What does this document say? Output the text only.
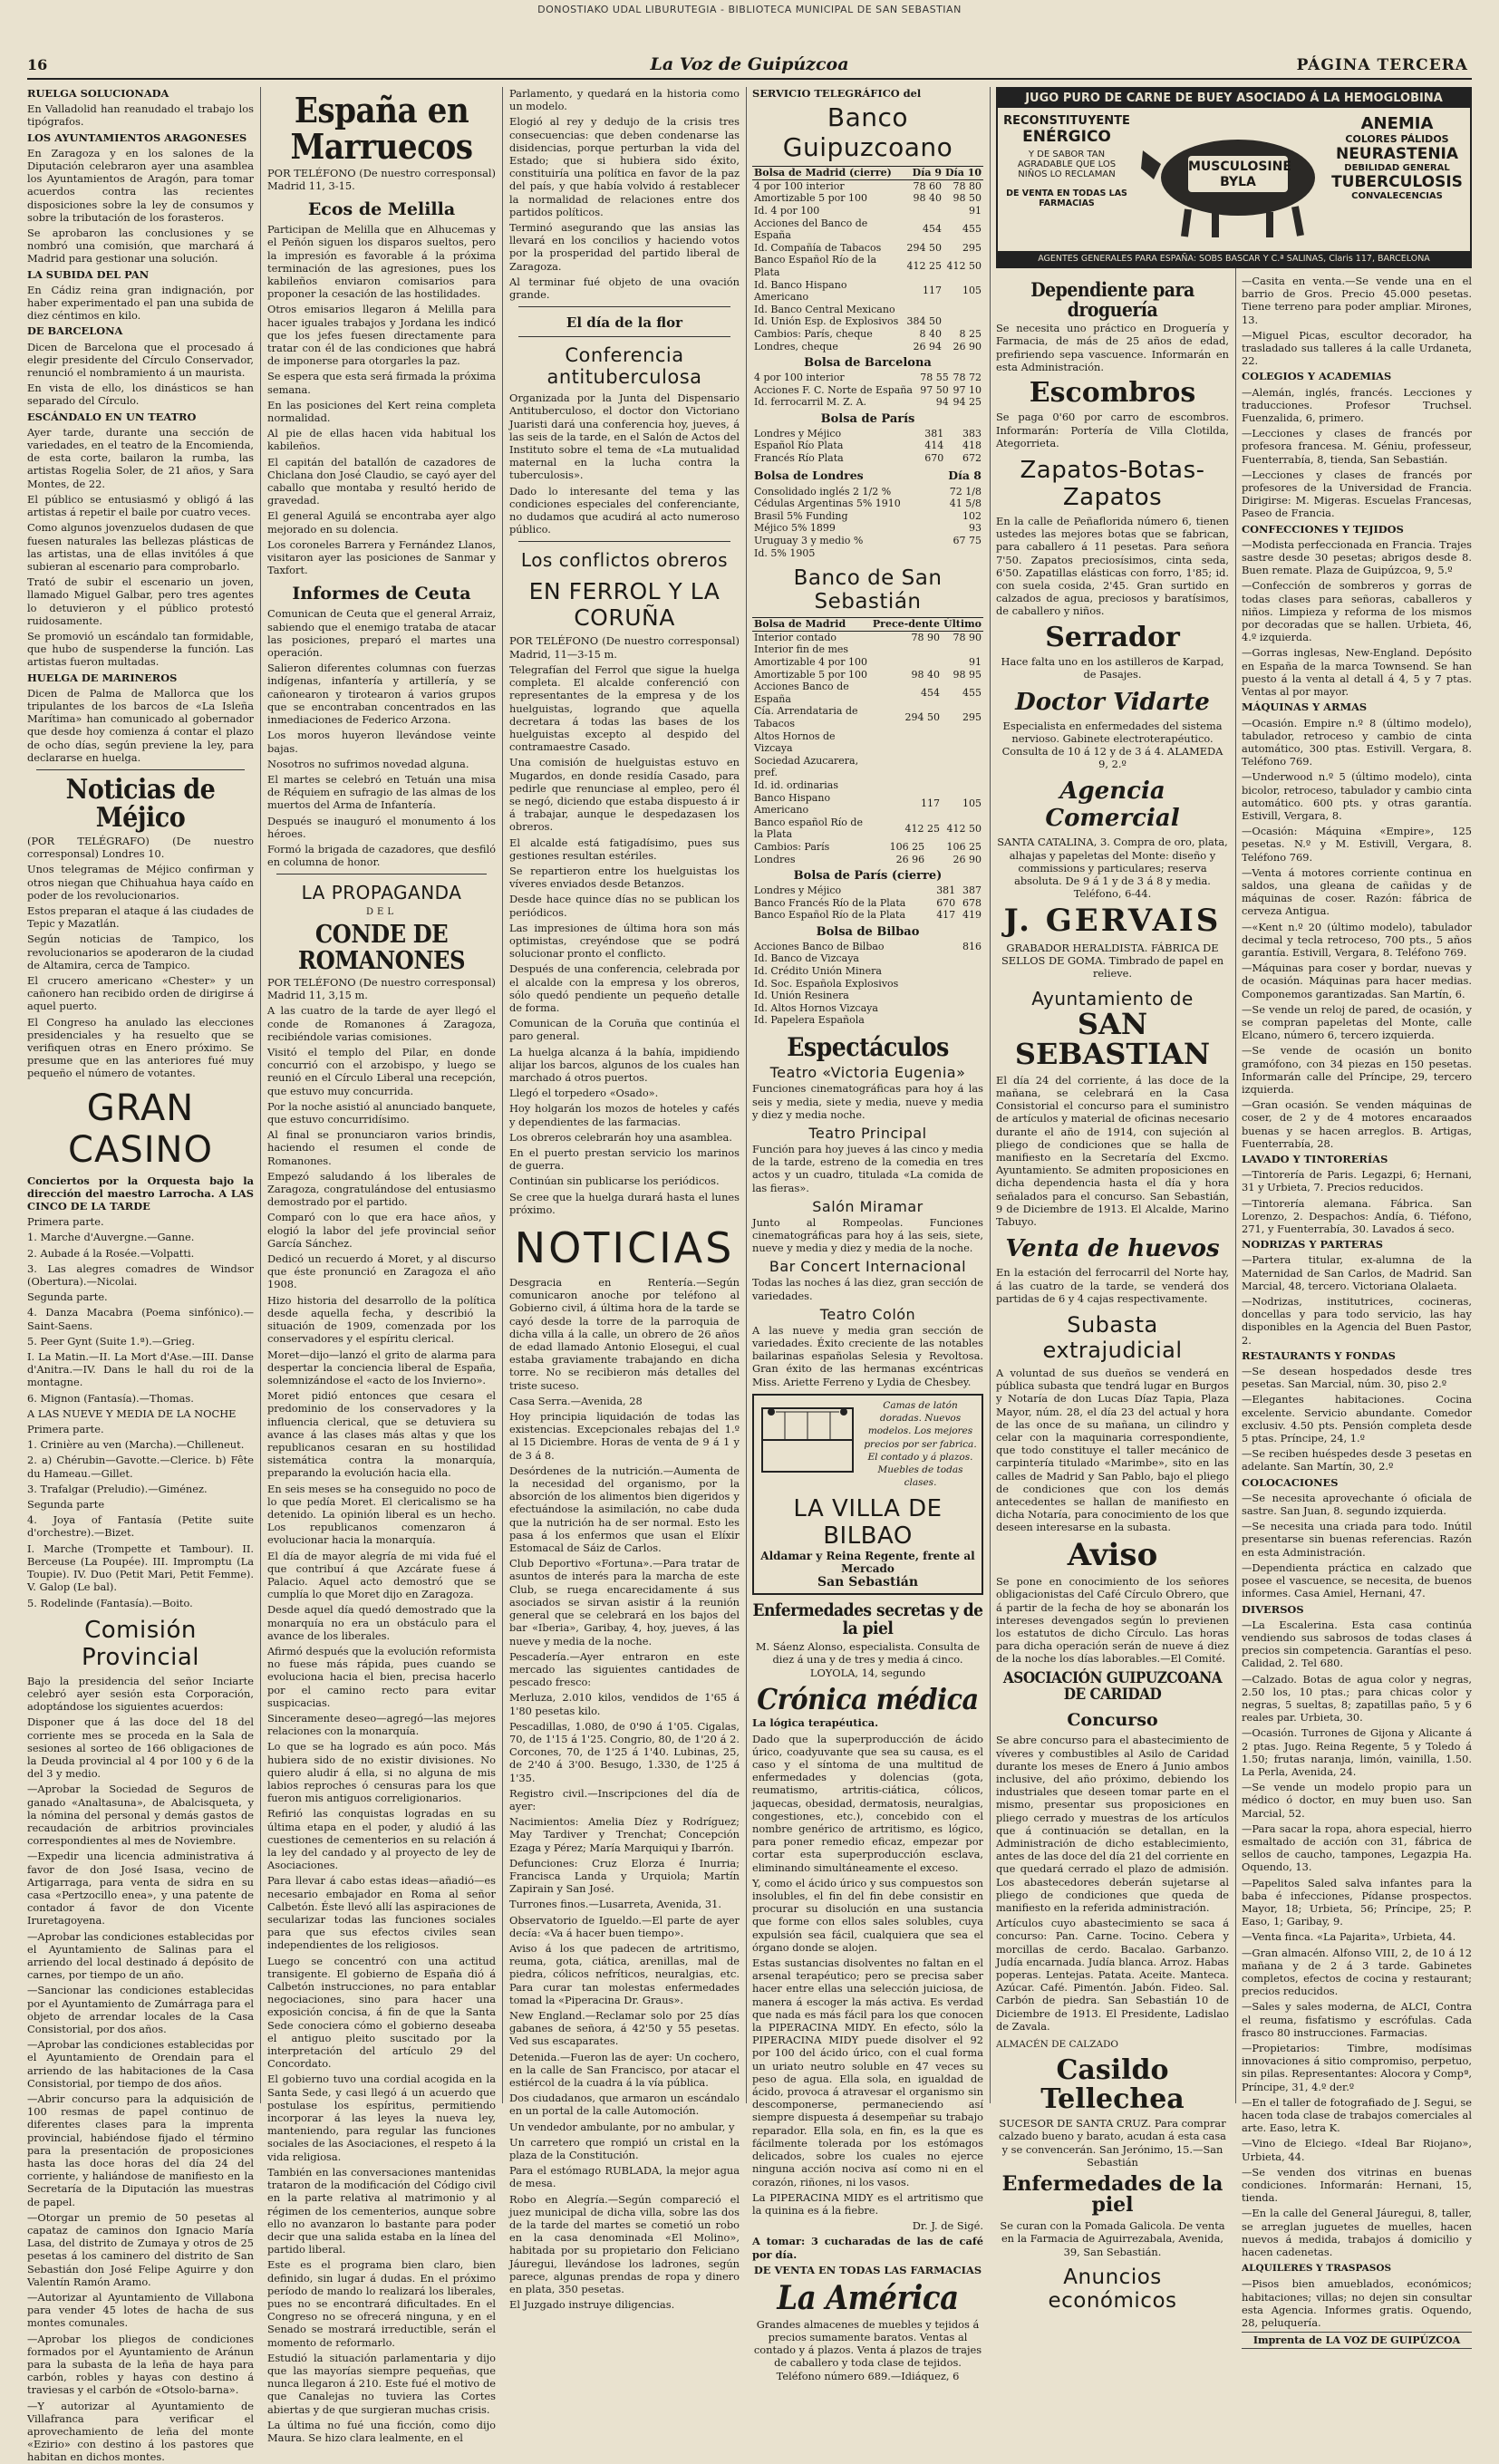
DONOSTIAKO UDAL LIBURUTEGIA - BIBLIOTECA MUNICIPAL DE SAN SEBASTIAN
16	La Voz de Guipúzcoa	PÁGINA TERCERA

RUELGA SOLUCIONADA

En Valladolid han reanudado el trabajo los tipógrafos.

LOS AYUNTAMIENTOS ARAGONESES

En Zaragoza y en los salones de la Diputación celebraron ayer una asamblea los Ayuntamientos de Aragón, para tomar acuerdos contra las recientes disposiciones sobre la ley de consumos y sobre la tributación de los forasteros.

Se aprobaron las conclusiones y se nombró una comisión, que marchará á Madrid para gestionar una solución.

LA SUBIDA DEL PAN

En Cádiz reina gran indignación, por haber experimentado el pan una subida de diez céntimos en kilo.

DE BARCELONA

Dicen de Barcelona que el procesado á elegir presidente del Círculo Conservador, renunció el nombramiento á un maurista.

En vista de ello, los dinásticos se han separado del Círculo.

ESCÁNDALO EN UN TEATRO

Ayer tarde, durante una sección de variedades, en el teatro de la Encomienda, de esta corte, bailaron la rumba, las artistas Rogelia Soler, de 21 años, y Sara Montes, de 22.

El público se entusiasmó y obligó á las artistas á repetir el baile por cuatro veces.

Como algunos jovenzuelos dudasen de que fuesen naturales las bellezas plásticas de las artistas, una de ellas invitóles á que subieran al escenario para comprobarlo.

Trató de subir el escenario un joven, llamado Miguel Galbar, pero tres agentes lo detuvieron y el público protestó ruidosamente.

Se promovió un escándalo tan formidable, que hubo de suspenderse la función. Las artistas fueron multadas.

HUELGA DE MARINEROS

Dicen de Palma de Mallorca que los tripulantes de los barcos de «La Isleña Marítima» han comunicado al gobernador que desde hoy comienza á contar el plazo de ocho días, según previene la ley, para declararse en huelga.

Noticias de Méjico

(POR TELÉGRAFO) (De nuestro corresponsal) Londres 10.

Unos telegramas de Méjico confirman y otros niegan que Chihuahua haya caído en poder de los revolucionarios.

Estos preparan el ataque á las ciudades de Tepic y Mazatlán.

Según noticias de Tampico, los revolucionarios se apoderaron de la ciudad de Altamira, cerca de Tampico.

El crucero americano «Chester» y un cañonero han recibido orden de dirigirse á aquel puerto.

El Congreso ha anulado las elecciones presidenciales y ha resuelto que se verifiquen otras en Enero próximo. Se presume que en las anteriores fué muy pequeño el número de votantes.

GRAN CASINO

Conciertos por la Orquesta bajo la dirección del maestro Larrocha. A LAS CINCO DE LA TARDE

Primera parte.

1. Marche d'Auvergne.—Ganne.

2. Aubade á la Rosée.—Volpatti.

3. Las alegres comadres de Windsor (Obertura).—Nicolai.

Segunda parte.

4. Danza Macabra (Poema sinfónico).—Saint-Saens.

5. Peer Gynt (Suite 1.ª).—Grieg.

I. La Matin.—II. La Mort d'Ase.—III. Danse d'Anitra.—IV. Dans le hall du roi de la montagne.

6. Mignon (Fantasía).—Thomas.

A LAS NUEVE Y MEDIA DE LA NOCHE

Primera parte.

1. Crinière au ven (Marcha).—Chilleneut.

2. a) Chérubin—Gavotte.—Clerice. b) Fête du Hameau.—Gillet.

3. Trafalgar (Preludio).—Giménez.

Segunda parte

4. Joya of Fantasía (Petite suite d'orchestre).—Bizet.

I. Marche (Trompette et Tambour). II. Berceuse (La Poupée). III. Impromptu (La Toupie). IV. Duo (Petit Mari, Petit Femme). V. Galop (Le bal).

5. Rodelinde (Fantasía).—Boito.

Comisión Provincial

Bajo la presidencia del señor Inciarte celebró ayer sesión esta Corporación, adoptándose los siguientes acuerdos:

Disponer que á las doce del 18 del corriente mes se proceda en la Sala de sesiones al sorteo de 166 obligaciones de la Deuda provincial al 4 por 100 y 6 de la del 3 y medio.

—Aprobar la Sociedad de Seguros de ganado «Analtasuna», de Abalcisqueta, y la nómina del personal y demás gastos de recaudación de arbitrios provinciales correspondientes al mes de Noviembre.

—Expedir una licencia administrativa á favor de don José Isasa, vecino de Artigarraga, para venta de sidra en su casa «Pertzocillo enea», y una patente de contador á favor de don Vicente Iruretagoyena.

—Aprobar las condiciones establecidas por el Ayuntamiento de Salinas para el arriendo del local destinado á depósito de carnes, por tiempo de un año.

—Sancionar las condiciones establecidas por el Ayuntamiento de Zumárraga para el objeto de arrendar locales de la Casa Consistorial, por dos años.

—Aprobar las condiciones establecidas por el Ayuntamiento de Orendain para el arriendo de las habitaciones de la Casa Consistorial, por tiempo de dos años.

—Abrir concurso para la adquisición de 100 resmas de papel continuo de diferentes clases para la imprenta provincial, habiéndose fijado el término para la presentación de proposiciones hasta las doce horas del día 24 del corriente, y haliándose de manifiesto en la Secretaría de la Diputación las muestras de papel.

—Otorgar un premio de 50 pesetas al capataz de caminos don Ignacio María Lasa, del distrito de Zumaya y otros de 25 pesetas á los caminero del distrito de San Sebastián don José Felipe Aguirre y don Valentín Ramón Aramo.

—Autorizar al Ayuntamiento de Villabona para vender 45 lotes de hacha de sus montes comunales.

—Aprobar los pliegos de condiciones formados por el Ayuntamiento de Aránun para la subasta de la leña de haya para carbón, robles y hayas con destino á traviesas y el carbón de «Otsolo-barna».

—Y autorizar al Ayuntamiento de Villafranca para verificar el aprovechamiento de leña del monte «Ezirio» con destino á los pastores que habitan en dichos montes.

España en Marruecos

POR TELÉFONO (De nuestro corresponsal) Madrid 11, 3-15.

Ecos de Melilla

Participan de Melilla que en Alhucemas y el Peñón siguen los disparos sueltos, pero la impresión es favorable á la próxima terminación de las agresiones, pues los kabileños enviaron comisarios para proponer la cesación de las hostilidades.

Otros emisarios llegaron á Melilla para hacer iguales trabajos y Jordana les indicó que los jefes fuesen directamente para tratar con él de las condiciones que habrá de imponerse para otorgarles la paz.

Se espera que esta será firmada la próxima semana.

En las posiciones del Kert reina completa normalidad.

Al pie de ellas hacen vida habitual los kabileños.

El capitán del batallón de cazadores de Chiclana don José Claudio, se cayó ayer del caballo que montaba y resultó herido de gravedad.

El general Aguilá se encontraba ayer algo mejorado en su dolencia.

Los coroneles Barrera y Fernández Llanos, visitaron ayer las posiciones de Sanmar y Taxfort.

Informes de Ceuta

Comunican de Ceuta que el general Arraiz, sabiendo que el enemigo trataba de atacar las posiciones, preparó el martes una operación.

Salieron diferentes columnas con fuerzas indígenas, infantería y artillería, y se cañonearon y tirotearon á varios grupos que se encontraban concentrados en las inmediaciones de Federico Arzona.

Los moros huyeron llevándose veinte bajas.

Nosotros no sufrimos novedad alguna.

El martes se celebró en Tetuán una misa de Réquiem en sufragio de las almas de los muertos del Arma de Infantería.

Después se inauguró el monumento á los héroes.

Formó la brigada de cazadores, que desfiló en columna de honor.

LA PROPAGANDA
DEL
CONDE DE ROMANONES

POR TELÉFONO (De nuestro corresponsal) Madrid 11, 3,15 m.

A las cuatro de la tarde de ayer llegó el conde de Romanones á Zaragoza, recibiéndole varias comisiones.

Visitó el templo del Pilar, en donde concurrió con el arzobispo, y luego se reunió en el Círculo Liberal una recepción, que estuvo muy concurrida.

Por la noche asistió al anunciado banquete, que estuvo concurridísimo.

Al final se pronunciaron varios brindis, haciendo el resumen el conde de Romanones.

Empezó saludando á los liberales de Zaragoza, congratulándose del entusiasmo demostrado por el partido.

Comparó con lo que era hace años, y elogió la labor del jefe provincial señor García Sánchez.

Dedicó un recuerdo á Moret, y al discurso que éste pronunció en Zaragoza el año 1908.

Hizo historia del desarrollo de la política desde aquella fecha, y describió la situación de 1909, comenzada por los conservadores y el espíritu clerical.

Moret—dijo—lanzó el grito de alarma para despertar la conciencia liberal de España, solemnizándose el «acto de los Invierno».

Moret pidió entonces que cesara el predominio de los conservadores y la influencia clerical, que se detuviera su avance á las clases más altas y que los republicanos cesaran en su hostilidad sistemática contra la monarquía, preparando la evolución hacia ella.

En seis meses se ha conseguido no poco de lo que pedía Moret. El clericalismo se ha detenido. La opinión liberal es un hecho. Los republicanos comenzaron á evolucionar hacia la monarquía.

El día de mayor alegría de mi vida fué el que contribuí á que Azcárate fuese á Palacio. Aquel acto demostró que se cumplía lo que Moret dijo en Zaragoza.

Desde aquel día quedó demostrado que la monarquía no era un obstáculo para el avance de los liberales.

Afirmó después que la evolución reformista no fuese más rápida, pues cuando se evoluciona hacia el bien, precisa hacerlo por el camino recto para evitar suspicacias.

Sinceramente deseo—agregó—las mejores relaciones con la monarquía.

Lo que se ha logrado es aún poco. Más hubiera sido de no existir divisiones. No quiero aludir á ella, si no alguna de mis labios reproches ó censuras para los que fueron mis antiguos correligionarios.

Refirió las conquistas logradas en su última etapa en el poder, y aludió á las cuestiones de cementerios en su relación á la ley del candado y al proyecto de ley de Asociaciones.

Para llevar á cabo estas ideas—añadió—es necesario embajador en Roma al señor Calbetón. Éste llevó allí las aspiraciones de secularizar todas las funciones sociales para que sus efectos civiles sean independientes de los religiosos.

Luego se concentró con una actitud transigente. El gobierno de España dió á Calbetón instrucciones, no para entablar negociaciones, sino para hacer una exposición concisa, á fin de que la Santa Sede conociera cómo el gobierno deseaba el antiguo pleito suscitado por la interpretación del artículo 29 del Concordato.

El gobierno tuvo una cordial acogida en la Santa Sede, y casi llegó á un acuerdo que postulase los espíritus, permitiendo incorporar á las leyes la nueva ley, manteniendo, para regular las funciones sociales de las Asociaciones, el respeto á la vida religiosa.

También en las conversaciones mantenidas trataron de la modificación del Código civil en la parte relativa al matrimonio y al régimen de los cementerios, aunque sobre ello no avanzaron lo bastante para poder decir que una salida estaba en la línea del partido liberal.

Este es el programa bien claro, bien definido, sin lugar á dudas. En el próximo período de mando lo realizará los liberales, pues no se encontrará dificultades. En el Congreso no se ofrecerá ninguna, y en el Senado se mostrará irreductible, serán el momento de reformarlo.

Estudió la situación parlamentaria y dijo que las mayorías siempre pequeñas, que nunca llegaron á 210. Este fué el motivo de que Canalejas no tuviera las Cortes abiertas y de que surgieran muchas crisis.

La última no fué una ficción, como dijo Maura. Se hizo clara lealmente, en el

Parlamento, y quedará en la historia como un modelo.

Elogió al rey y dedujo de la crisis tres consecuencias: que deben condenarse las disidencias, porque perturban la vida del Estado; que si hubiera sido éxito, constituiría una política en favor de la paz del país, y que había volvido á restablecer la normalidad de relaciones entre dos partidos políticos.

Terminó asegurando que las ansias las llevará en los concilios y haciendo votos por la prosperidad del partido liberal de Zaragoza.

Al terminar fué objeto de una ovación grande.

El día de la flor
Conferencia antituberculosa

Organizada por la Junta del Dispensario Antituberculoso, el doctor don Victoriano Juaristi dará una conferencia hoy, jueves, á las seis de la tarde, en el Salón de Actos del Instituto sobre el tema de «La mutualidad maternal en la lucha contra la tuberculosis».

Dado lo interesante del tema y las condiciones especiales del conferenciante, no dudamos que acudirá al acto numeroso público.

Los conflictos obreros
EN FERROL Y LA CORUÑA

POR TELÉFONO (De nuestro corresponsal) Madrid, 11—3-15 m.

Telegrafían del Ferrol que sigue la huelga completa. El alcalde conferenció con representantes de la empresa y de los huelguistas, logrando que aquella decretara á todas las bases de los huelguistas excepto al despido del contramaestre Casado.

Una comisión de huelguistas estuvo en Mugardos, en donde residía Casado, para pedirle que renunciase al empleo, pero él se negó, diciendo que estaba dispuesto á ir á trabajar, aunque le despedazasen los obreros.

El alcalde está fatigadísimo, pues sus gestiones resultan estériles.

Se repartieron entre los huelguistas los víveres enviados desde Betanzos.

Desde hace quince días no se publican los periódicos.

Las impresiones de última hora son más optimistas, creyéndose que se podrá solucionar pronto el conflicto.

Después de una conferencia, celebrada por el alcalde con la empresa y los obreros, sólo quedó pendiente un pequeño detalle de forma.

Comunican de la Coruña que continúa el paro general.

La huelga alcanza á la bahía, impidiendo alijar los barcos, algunos de los cuales han marchado á otros puertos.

Llegó el torpedero «Osado».

Hoy holgarán los mozos de hoteles y cafés y dependientes de las farmacias.

Los obreros celebrarán hoy una asamblea.

En el puerto prestan servicio los marinos de guerra.

Continúan sin publicarse los periódicos.

Se cree que la huelga durará hasta el lunes próximo.

NOTICIAS

Desgracia en Rentería.—Según comunicaron anoche por teléfono al Gobierno civil, á última hora de la tarde se cayó desde la torre de la parroquia de dicha villa á la calle, un obrero de 26 años de edad llamado Antonio Elosegui, el cual estaba graviamente trabajando en dicha torre. No se recibieron más detalles del triste suceso.

Casa Serra.—Avenida, 28

Hoy principia liquidación de todas las existencias. Excepcionales rebajas del 1.º al 15 Diciembre. Horas de venta de 9 á 1 y de 3 á 8.

Desórdenes de la nutrición.—Aumenta de la necesidad del organismo, por la absorción de los alimentos bien digeridos y efectuándose la asimilación, no cabe duda que la nutrición ha de ser normal. Esto les pasa á los enfermos que usan el Elíxir Estomacal de Sáiz de Carlos.

Club Deportivo «Fortuna».—Para tratar de asuntos de interés para la marcha de este Club, se ruega encarecidamente á sus asociados se sirvan asistir á la reunión general que se celebrará en los bajos del bar «Iberia», Garibay, 4, hoy, jueves, á las nueve y media de la noche.

Pescadería.—Ayer entraron en este mercado las siguientes cantidades de pescado fresco:

Merluza, 2.010 kilos, vendidos de 1'65 á 1'80 pesetas kilo.

Pescadillas, 1.080, de 0'90 á 1'05. Cigalas, 70, de 1'15 á 1'25. Congrio, 80, de 1'20 á 2. Corcones, 70, de 1'25 á 1'40. Lubinas, 25, de 2'40 á 3'00. Besugo, 1.330, de 1'25 á 1'35.

Registro civil.—Inscripciones del día de ayer:

Nacimientos: Amelia Díez y Rodríguez; May Tardiver y Trenchat; Concepción Ezaga y Pérez; María Marquiqui y Ibarrón.

Defunciones: Cruz Elorza é Inurria; Francisca Landa y Urquiola; Martín Zapirain y San José.

Turrones finos.—Lusarreta, Avenida, 31.

Observatorio de Igueldo.—El parte de ayer decía: «Va á hacer buen tiempo».

Aviso á los que padecen de artritismo, reuma, gota, ciática, arenillas, mal de piedra, cólicos nefríticos, neuralgias, etc. Para curar tan molestas enfermedades tomad la «Piperacina Dr. Graus».

New England.—Reclamar solo por 25 días gabanes de señora, á 42'50 y 55 pesetas. Ved sus escaparates.

Detenida.—Fueron las de ayer: Un cochero, en la calle de San Francisco, por atacar el estiércol de la cuadra á la vía pública.

Dos ciudadanos, que armaron un escándalo en un portal de la calle Automoción.

Un vendedor ambulante, por no ambular, y

Un carretero que rompió un cristal en la plaza de la Constitución.

Para el estómago RUBLADA, la mejor agua de mesa.

Robo en Alegría.—Según compareció el juez municipal de dicha villa, sobre las dos de la tarde del martes se cometió un robo en la casa denominada «El Molino», habitada por su propietario don Feliciano Jáuregui, llevándose los ladrones, según parece, algunas prendas de ropa y dinero en plata, 350 pesetas.

El Juzgado instruye diligencias.

SERVICIO TELEGRÁFICO del

Banco Guipuzcoano
Bolsa de Madrid (cierre)	Día 9	Día 10
4 por 100 interior	78 60	78 80
Amortizable 5 por 100	98 40	98 50
Id. 4 por 100		91
Acciones del Banco de España	454	455
Id. Compañía de Tabacos	294 50	295
Banco Español Río de la Plata	412 25	412 50
Id. Banco Hispano Americano	117	105
Id. Banco Central Mexicano		
Id. Unión Esp. de Explosivos	384 50	
Cambios: París, cheque	8 40	8 25
Londres, cheque	26 94	26 90
Bolsa de Barcelona
4 por 100 interior	78 55	78 72
Acciones F. C. Norte de España	97 50	97 10
Id. ferrocarril M. Z. A.	94	94 25
Bolsa de París
Londres y Méjico	381	383
Español Río Plata	414	418
Francés Río Plata	670	672
Bolsa de Londres	Día 8
Consolidado inglés 2 1/2 %	72 1/8
Cédulas Argentinas 5% 1910	41 5/8
Brasil 5% Funding	102
Méjico 5% 1899	93
Uruguay 3 y medio %	67 75
Id. 5% 1905	
Banco de San Sebastián
Bolsa de Madrid	Prece-dente	Último
Interior contado	78 90	78 90
Interior fin de mes		
Amortizable 4 por 100		91
Amortizable 5 por 100	98 40	98 95
Acciones Banco de España	454	455
Cía. Arrendataria de Tabacos	294 50	295
Altos Hornos de Vizcaya		
Sociedad Azucarera, pref.		
Id. id. ordinarias		
Banco Hispano Americano	117	105
Banco español Río de la Plata	412 25	412 50
Cambios: París	106 25	106 25
Londres	26 96	26 90
Bolsa de París (cierre)
Londres y Méjico	381	387
Banco Francés Río de la Plata	670	678
Banco Español Río de la Plata	417	419
Bolsa de Bilbao
Acciones Banco de Bilbao		816
Id. Banco de Vizcaya		
Id. Crédito Unión Minera		
Id. Soc. Española Explosivos		
Id. Unión Resinera		
Id. Altos Hornos Vizcaya		
Id. Papelera Española		
Espectáculos
Teatro «Victoria Eugenia»

Funciones cinematográficas para hoy á las seis y media, siete y media, nueve y media y diez y media noche.

Teatro Principal

Función para hoy jueves á las cinco y media de la tarde, estreno de la comedia en tres actos y un cuadro, titulada «La comida de las fieras».

Salón Miramar

Junto al Rompeolas. Funciones cinematográficas para hoy á las seis, siete, nueve y media y diez y media de la noche.

Bar Concert Internacional

Todas las noches á las diez, gran sección de variedades.

Teatro Colón

A las nueve y media gran sección de variedades. Éxito creciente de las notables bailarinas españolas Selesia y Revoltosa. Gran éxito de las hermanas excéntricas Miss. Ariette Ferreno y Lydia de Chesbey.

Camas de latón doradas. Nuevos modelos. Los mejores precios por ser fabrica. El contado y á plazos. Muebles de todas clases.

LA VILLA DE BILBAO
Aldamar y Reina Regente, frente al Mercado
San Sebastián
Enfermedades secretas y de la piel

M. Sáenz Alonso, especialista. Consulta de diez á una y de tres y media á cinco. LOYOLA, 14, segundo

Crónica médica

La lógica terapéutica.

Dado que la superproducción de ácido úrico, coadyuvante que sea su causa, es el caso y el síntoma de una multitud de enfermedades y dolencias (gota, reumatismo, artritis-ciática, cólicos, jaquecas, obesidad, dermatosis, neuralgias, congestiones, etc.), concebido con el nombre genérico de artritismo, es lógico, para poner remedio eficaz, empezar por cortar esta superproducción esclava, eliminando simultáneamente el exceso.

Y, como el ácido úrico y sus compuestos son insolubles, el fin del fin debe consistir en procurar su disolución en una sustancia que forme con ellos sales solubles, cuya expulsión sea fácil, cualquiera que sea el órgano donde se alojen.

Estas sustancias disolventes no faltan en el arsenal terapéutico; pero se precisa saber hacer entre ellas una selección juiciosa, de manera á escoger la más activa. Es verdad que nada es más fácil para los que conocen la PIPERACINA MIDY. En efecto, sólo la PIPERACINA MIDY puede disolver el 92 por 100 del ácido úrico, con el cual forma un uriato neutro soluble en 47 veces su peso de agua. Ella sola, en igualdad de ácido, provoca á atravesar el organismo sin descomponerse, permaneciendo así siempre dispuesta á desempeñar su trabajo reparador. Ella sola, en fin, es la que es fácilmente tolerada por los estómagos delicados, sobre los cuales no ejerce ninguna acción nociva así como ni en el corazón, riñones, ni los vasos.

La PIPERACINA MIDY es el artritismo que la quinina es á la fiebre.

Dr. J. de Sigé.

A tomar: 3 cucharadas de las de café por día.

DE VENTA EN TODAS LAS FARMACIAS

La América

Grandes almacenes de muebles y tejidos á precios sumamente baratos. Ventas al contado y á plazos. Venta á plazos de trajes de caballero y toda clase de tejidos. Teléfono número 689.—Idiáquez, 6

Dependiente para droguería

Se necesita uno práctico en Droguería y Farmacia, de más de 25 años de edad, prefiriendo sepa vascuence. Informarán en esta Administración.

Escombros

Se paga 0'60 por carro de escombros. Informarán: Portería de Villa Clotilda, Ategorrieta.

Zapatos-Botas-Zapatos

En la calle de Peñaflorida número 6, tienen ustedes las mejores botas que se fabrican, para caballero á 11 pesetas. Para señora 7'50. Zapatos preciosísimos, cinta seda, 6'50. Zapatillas elásticas con forro, 1'85; id. con suela cosida, 2'45. Gran surtido en calzados de agua, preciosos y baratísimos, de caballero y niños.

Serrador

Hace falta uno en los astilleros de Karpad, de Pasajes.

Doctor Vidarte

Especialista en enfermedades del sistema nervioso. Gabinete electroterapéutico. Consulta de 10 á 12 y de 3 á 4. ALAMEDA 9, 2.º

Agencia Comercial

SANTA CATALINA, 3. Compra de oro, plata, alhajas y papeletas del Monte: diseño y commissions y particulares; reserva absoluta. De 9 á 1 y de 3 á 8 y media. Teléfono, 6-44.

J. GERVAIS

GRABADOR HERALDISTA. FÁBRICA DE SELLOS DE GOMA. Timbrado de papel en relieve.

Ayuntamiento de
SAN SEBASTIAN

El día 24 del corriente, á las doce de la mañana, se celebrará en la Casa Consistorial el concurso para el suministro de artículos y material de oficinas necesario durante el año de 1914, con sujeción al pliego de condiciones que se halla de manifiesto en la Secretaría del Excmo. Ayuntamiento. Se admiten proposiciones en dicha dependencia hasta el día y hora señalados para el concurso. San Sebastián, 9 de Diciembre de 1913. El Alcalde, Marino Tabuyo.

Venta de huevos

En la estación del ferrocarril del Norte hay, á las cuatro de la tarde, se venderá dos partidas de 6 y 4 cajas respectivamente.

Subasta extrajudicial

A voluntad de sus dueños se venderá en pública subasta que tendrá lugar en Burgos y Notaría de don Lucas Díaz Tapia, Plaza Mayor, núm. 28, el día 23 del actual y hora de las once de su mañana, un cilindro y celar con la maquinaria correspondiente, que todo constituye el taller mecánico de carpintería titulado «Marimbe», sito en las calles de Madrid y San Pablo, bajo el pliego de condiciones que con los demás antecedentes se hallan de manifiesto en dicha Notaría, para conocimiento de los que deseen interesarse en la subasta.

Aviso

Se pone en conocimiento de los señores obligacionistas del Café Círculo Obrero, que á partir de la fecha de hoy se abonarán los intereses devengados según lo previenen los estatutos de dicho Círculo. Las horas para dicha operación serán de nueve á diez de la noche los días laborables.—El Comité.

ASOCIACIÓN GUIPUZCOANA DE CARIDAD
Concurso

Se abre concurso para el abastecimiento de víveres y combustibles al Asilo de Caridad durante los meses de Enero á Junio ambos inclusive, del año próximo, debiendo los industriales que deseen tomar parte en el mismo, presentar sus proposiciones en pliego cerrado y muestras de los artículos que á continuación se detallan, en la Administración de dicho establecimiento, antes de las doce del día 21 del corriente en que quedará cerrado el plazo de admisión. Los abastecedores deberán sujetarse al pliego de condiciones que queda de manifiesto en la referida administración.

Artículos cuyo abastecimiento se saca á concurso: Pan. Carne. Tocino. Cebera y morcillas de cerdo. Bacalao. Garbanzo. Judía encarnada. Judía blanca. Arroz. Habas poperas. Lentejas. Patata. Aceite. Manteca. Azúcar. Café. Pimentón. Jabón. Fideo. Sal. Carbón de piedra. San Sebastián 10 de Diciembre de 1913. El Presidente, Ladislao de Zavala.

ALMACÉN DE CALZADO

Casildo Tellechea

SUCESOR DE SANTA CRUZ. Para comprar calzado bueno y barato, acudan á esta casa y se convencerán. San Jerónimo, 15.—San Sebastián

Enfermedades de la piel

Se curan con la Pomada Galicola. De venta en la Farmacia de Aguirrezabala, Avenida, 39, San Sebastián.

Anuncios económicos
JUGO PURO DE CARNE DE BUEY ASOCIADO Á LA HEMOGLOBINA
RECONSTITUYENTE
ENÉRGICO
Y DE SABOR TAN AGRADABLE QUE LOS NIÑOS LO RECLAMAN
DE VENTA EN TODAS LAS FARMACIAS
MUSCULOSINE BYLA
ANEMIA
COLORES PÁLIDOS
NEURASTENIA
DEBILIDAD GENERAL
TUBERCULOSIS
CONVALECENCIAS
AGENTES GENERALES PARA ESPAÑA: SOBS BASCAR Y C.ª SALINAS, Claris 117, BARCELONA

—Casita en venta.—Se vende una en el barrio de Gros. Precio 45.000 pesetas. Tiene terreno para poder ampliar. Mirones, 13.

—Miguel Picas, escultor decorador, ha trasladado sus talleres á la calle Urdaneta, 22.

COLEGIOS Y ACADEMIAS

—Alemán, inglés, francés. Lecciones y traducciones. Profesor Truchsel. Fuenzalida, 6, primero.

—Lecciones y clases de francés por profesora francesa. M. Géniu, professeur, Fuenterrabía, 8, tienda, San Sebastián.

—Lecciones y clases de francés por profesores de la Universidad de Francia. Dirigirse: M. Migeras. Escuelas Francesas, Paseo de Francia.

CONFECCIONES Y TEJIDOS

—Modista perfeccionada en Francia. Trajes sastre desde 30 pesetas; abrigos desde 8. Buen remate. Plaza de Guipúzcoa, 9, 5.º

—Confección de sombreros y gorras de todas clases para señoras, caballeros y niños. Limpieza y reforma de los mismos por decoradas que se hallen. Urbieta, 46, 4.º izquierda.

—Gorras inglesas, New-England. Depósito en España de la marca Townsend. Se han puesto á la venta al detall á 4, 5 y 7 ptas. Ventas al por mayor.

MÁQUINAS Y ARMAS

—Ocasión. Empire n.º 8 (último modelo), tabulador, retroceso y cambio de cinta automático, 300 ptas. Estivill. Vergara, 8. Teléfono 769.

—Underwood n.º 5 (último modelo), cinta bicolor, retroceso, tabulador y cambio cinta automático. 600 pts. y otras garantía. Estivill, Vergara, 8.

—Ocasión: Máquina «Empire», 125 pesetas. N.º y M. Estivill, Vergara, 8. Teléfono 769.

—Venta á motores corriente continua en saldos, una gleana de cañidas y de máquinas de coser. Razón: fábrica de cerveza Antigua.

—«Kent n.º 20 (último modelo), tabulador decimal y tecla retroceso, 700 pts., 5 años garantía. Estivill, Vergara, 8. Teléfono 769.

—Máquinas para coser y bordar, nuevas y de ocasión. Máquinas para hacer medias. Componemos garantizadas. San Martín, 6.

—Se vende un reloj de pared, de ocasión, y se compran papeletas del Monte, calle Elcano, número 6, tercero izquierda.

—Se vende de ocasión un bonito gramófono, con 34 piezas en 150 pesetas. Informarán calle del Príncipe, 29, tercero izquierda.

—Gran ocasión. Se venden máquinas de coser, de 2 y de 4 motores encaraados buenas y se hacen arreglos. B. Artigas, Fuenterrabía, 28.

LAVADO Y TINTORERÍAS

—Tintorería de Paris. Legazpi, 6; Hernani, 31 y Urbieta, 7. Precios reducidos.

—Tintorería alemana. Fábrica. San Lorenzo, 2. Despachos: Andía, 6. Tiéfono, 271, y Fuenterrabía, 30. Lavados á seco.

NODRIZAS Y PARTERAS

—Partera titular, ex-alumna de la Maternidad de San Carlos, de Madrid. San Marcial, 48, tercero. Victoriana Olalaeta.

—Nodrizas, institutrices, cocineras, doncellas y para todo servicio, las hay disponibles en la Agencia del Buen Pastor, 2.

RESTAURANTS Y FONDAS

—Se desean hospedados desde tres pesetas. San Marcial, núm. 30, piso 2.º

—Elegantes habitaciones. Cocina excelente. Servicio abundante. Comedor exclusiv. 4.50 pts. Pensión completa desde 5 ptas. Príncipe, 24, 1.º

—Se reciben huéspedes desde 3 pesetas en adelante. San Martín, 30, 2.º

COLOCACIONES

—Se necesita aprovechante ó oficiala de sastre. San Juan, 8. segundo izquierda.

—Se necesita una criada para todo. Inútil presentarse sin buenas referencias. Razón en esta Administración.

—Dependienta práctica en calzado que posee el vascuence, se necesita, de buenos informes. Casa Amiel, Hernani, 47.

DIVERSOS

—La Escalerina. Esta casa continúa vendiendo sus sabrosos de todas clases á precios sin competencia. Garantías el peso. Calidad, 2. Tel 680.

—Calzado. Botas de agua color y negras, 2.50 los, 10 ptas.; para chicas color y negras, 5 sueltas, 8; zapatillas paño, 5 y 6 reales par. Urbieta, 30.

—Ocasión. Turrones de Gijona y Alicante á 2 ptas. Jugo. Reina Regente, 5 y Toledo á 1.50; frutas naranja, limón, vainilla, 1.50. La Perla, Avenida, 24.

—Se vende un modelo propio para un médico ó doctor, en muy buen uso. San Marcial, 52.

—Para sacar la ropa, ahora especial, hierro esmaltado de acción con 31, fábrica de sellos de caucho, tampones, Legazpia Ha. Oquendo, 13.

—Papelitos Saled salva infantes para la baba é infecciones, Pídanse prospectos. Mayor, 18; Urbieta, 56; Príncipe, 25; P. Easo, 1; Garibay, 9.

—Venta finca. «La Pajarita», Urbieta, 44.

—Gran almacén. Alfonso VIII, 2, de 10 á 12 mañana y de 2 á 3 tarde. Gabinetes completos, efectos de cocina y restaurant; precios reducidos.

—Sales y sales moderna, de ALCI, Contra el reuma, fisfatismo y escrófulas. Cada frasco 80 instrucciones. Farmacias.

—Propietarios: Timbre, modísimas innovaciones á sitio compromiso, perpetuo, sin pilas. Representantes: Alocora y Compª, Príncipe, 31, 4.º der.º

—En el taller de fotografiado de J. Segui, se hacen toda clase de trabajos comerciales al arte. Easo, letra K.

—Vino de Elciego. «Ideal Bar Riojano», Urbieta, 44.

—Se venden dos vitrinas en buenas condiciones. Informarán: Hernani, 15, tienda.

—En la calle del General Jáuregui, 8, taller, se arreglan juguetes de muelles, hacen nuevos á medida, trabajos á domicilio y hacen cadenetas.

ALQUILERES Y TRASPASOS

—Pisos bien amueblados, económicos; habitaciones; villas; no dejen sin consultar esta Agencia. Informes gratis. Oquendo, 28, peluquería.

Imprenta de LA VOZ DE GUIPÚZCOA
